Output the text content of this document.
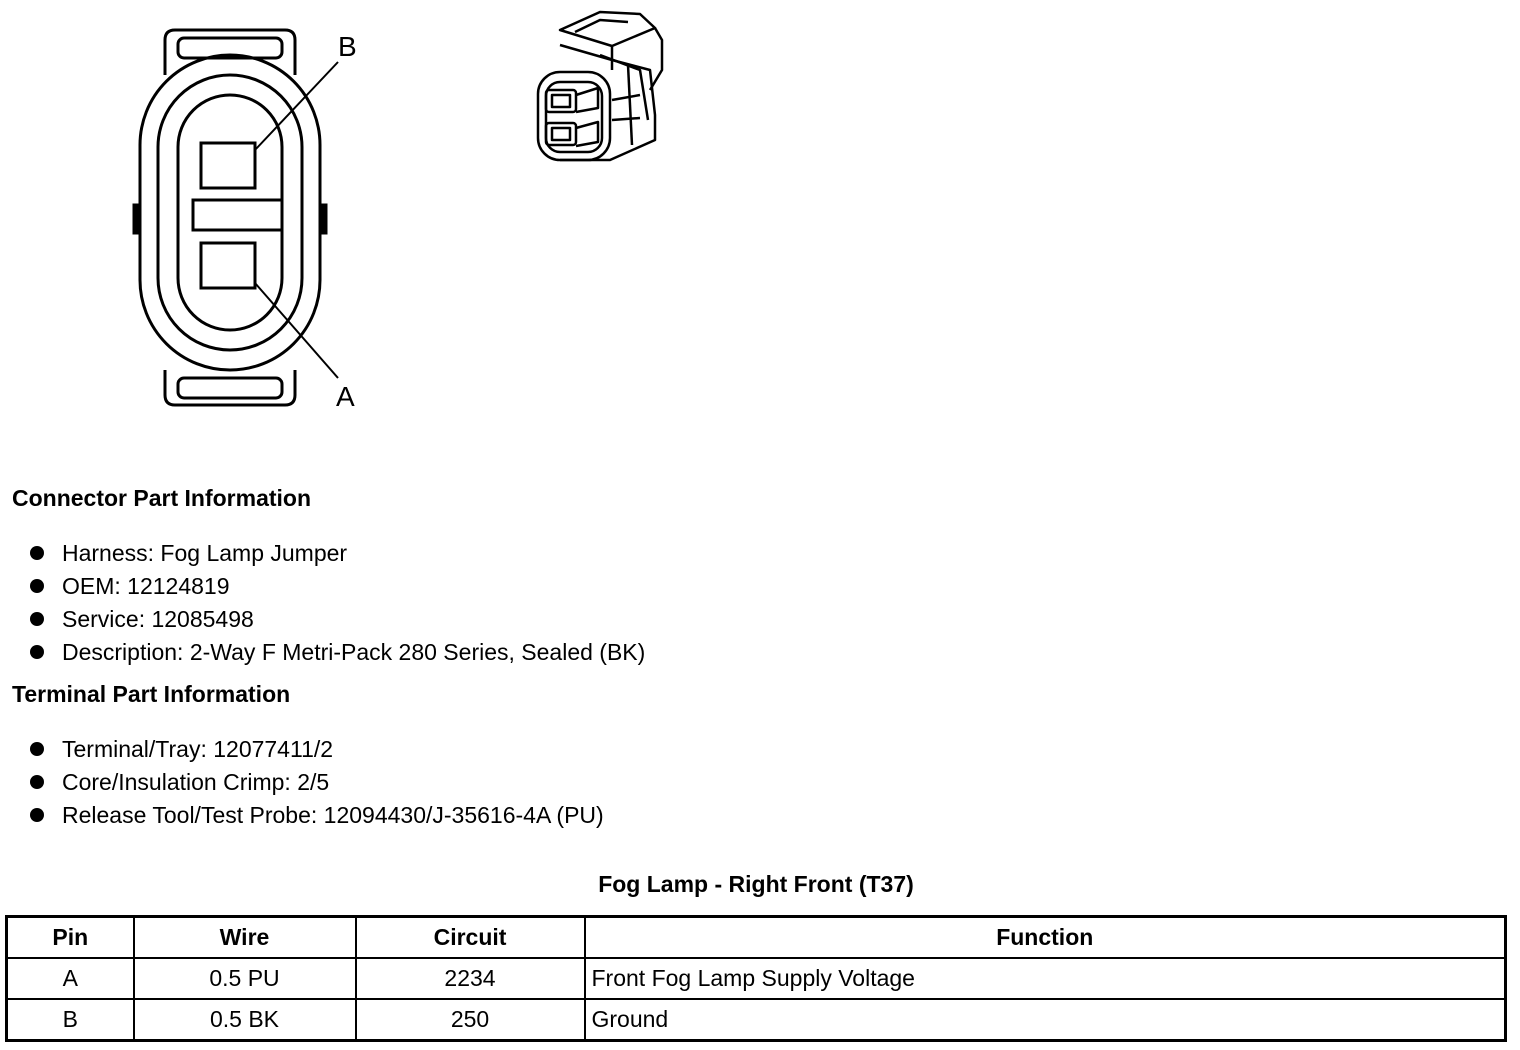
B
A
Connector Part Information
Harness: Fog Lamp Jumper
OEM: 12124819
Service: 12085498
Description: 2-Way F Metri-Pack 280 Series, Sealed (BK)
Terminal Part Information
Terminal/Tray: 12077411/2
Core/Insulation Crimp: 2/5
Release Tool/Test Probe: 12094430/J-35616-4A (PU)
Fog Lamp - Right Front (T37)
Pin	Wire	Circuit	Function
A	0.5 PU	2234	Front Fog Lamp Supply Voltage
B	0.5 BK	250	Ground
